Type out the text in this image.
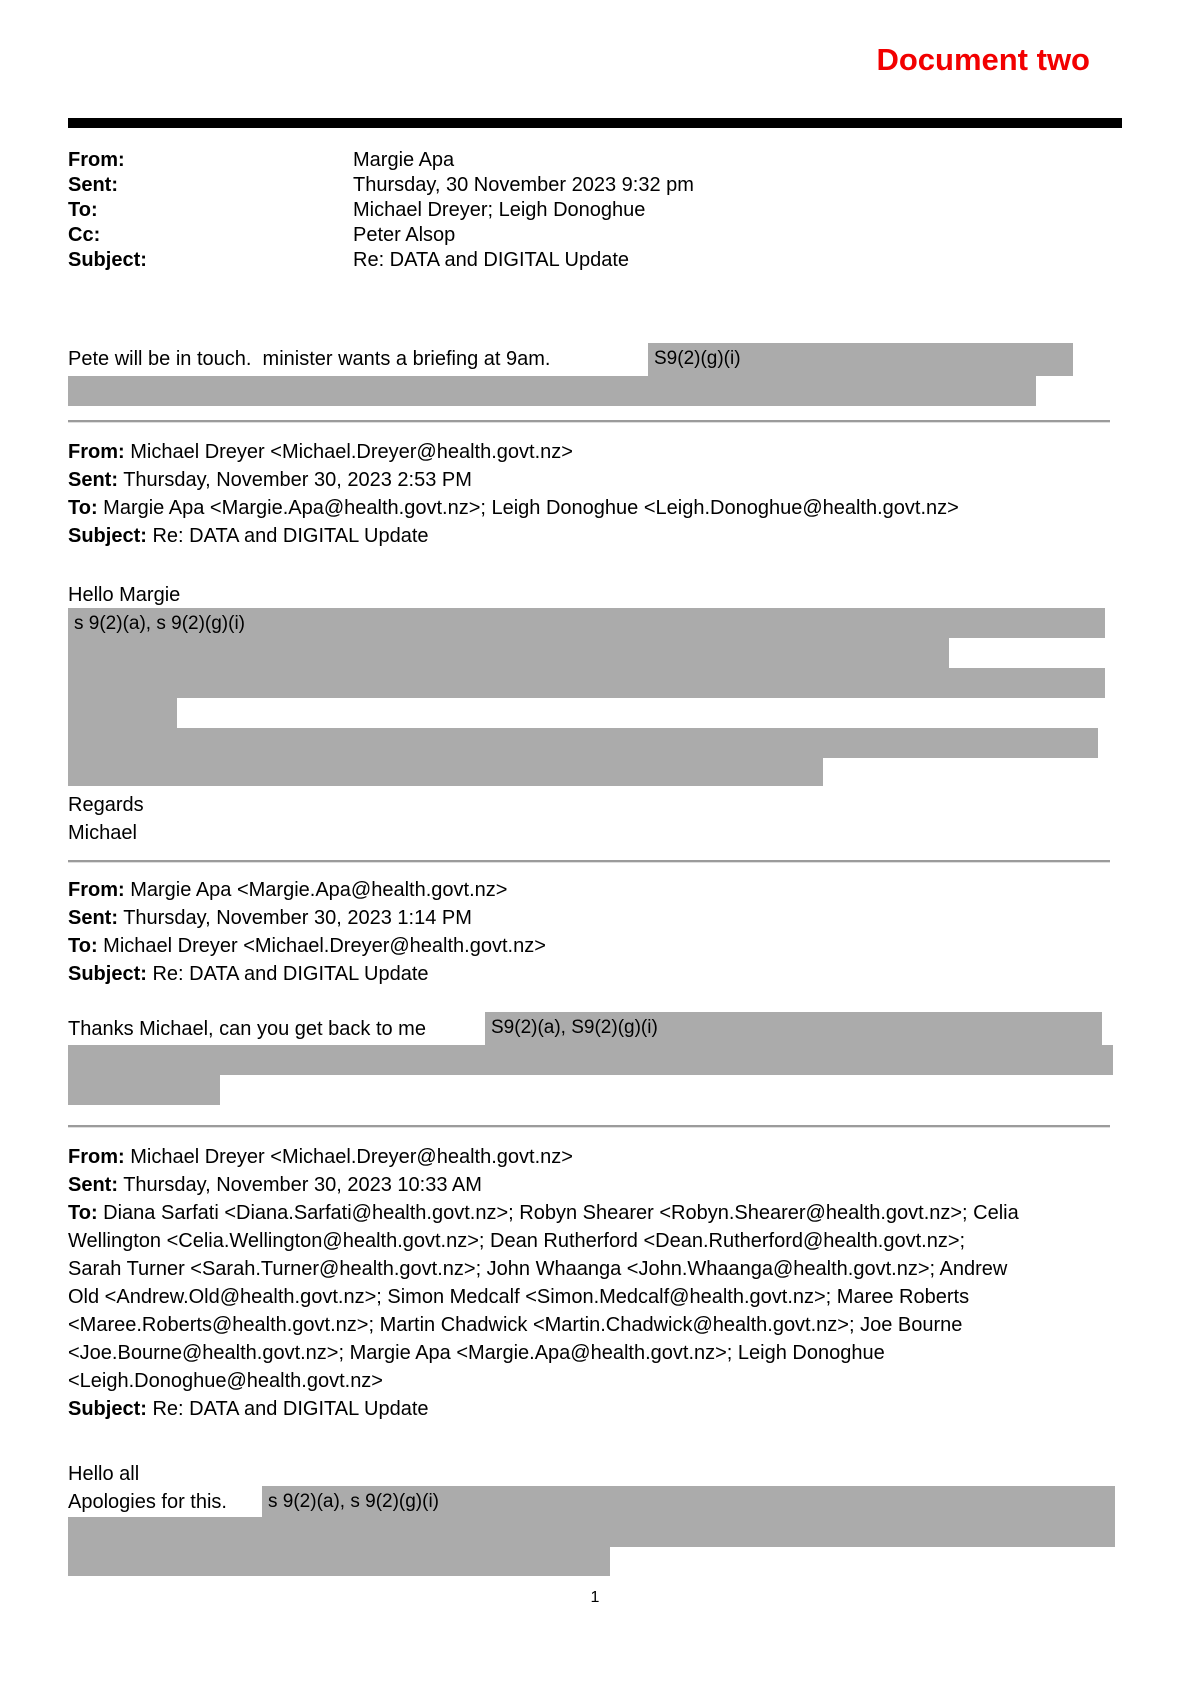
Document two
From:	Margie Apa
Sent:	Thursday, 30 November 2023 9:32 pm
To:	Michael Dreyer; Leigh Donoghue
Cc:	Peter Alsop
Subject:	Re: DATA and DIGITAL Update
Pete will be in touch.  minister wants a briefing at 9am.	S9(2)(g)(i)
From: Michael Dreyer <Michael.Dreyer@health.govt.nz>
Sent: Thursday, November 30, 2023 2:53 PM
To: Margie Apa <Margie.Apa@health.govt.nz>; Leigh Donoghue <Leigh.Donoghue@health.govt.nz>
Subject: Re: DATA and DIGITAL Update
Hello Margie
s 9(2)(a), s 9(2)(g)(i)
Regards
Michael
From: Margie Apa <Margie.Apa@health.govt.nz>
Sent: Thursday, November 30, 2023 1:14 PM
To: Michael Dreyer <Michael.Dreyer@health.govt.nz>
Subject: Re: DATA and DIGITAL Update
Thanks Michael, can you get back to me	S9(2)(a), S9(2)(g)(i)
From: Michael Dreyer <Michael.Dreyer@health.govt.nz>
Sent: Thursday, November 30, 2023 10:33 AM
To: Diana Sarfati <Diana.Sarfati@health.govt.nz>; Robyn Shearer <Robyn.Shearer@health.govt.nz>; Celia
Wellington <Celia.Wellington@health.govt.nz>; Dean Rutherford <Dean.Rutherford@health.govt.nz>;
Sarah Turner <Sarah.Turner@health.govt.nz>; John Whaanga <John.Whaanga@health.govt.nz>; Andrew
Old <Andrew.Old@health.govt.nz>; Simon Medcalf <Simon.Medcalf@health.govt.nz>; Maree Roberts
<Maree.Roberts@health.govt.nz>; Martin Chadwick <Martin.Chadwick@health.govt.nz>; Joe Bourne
<Joe.Bourne@health.govt.nz>; Margie Apa <Margie.Apa@health.govt.nz>; Leigh Donoghue
<Leigh.Donoghue@health.govt.nz>
Subject: Re: DATA and DIGITAL Update
Hello all
Apologies for this.	s 9(2)(a), s 9(2)(g)(i)
1
